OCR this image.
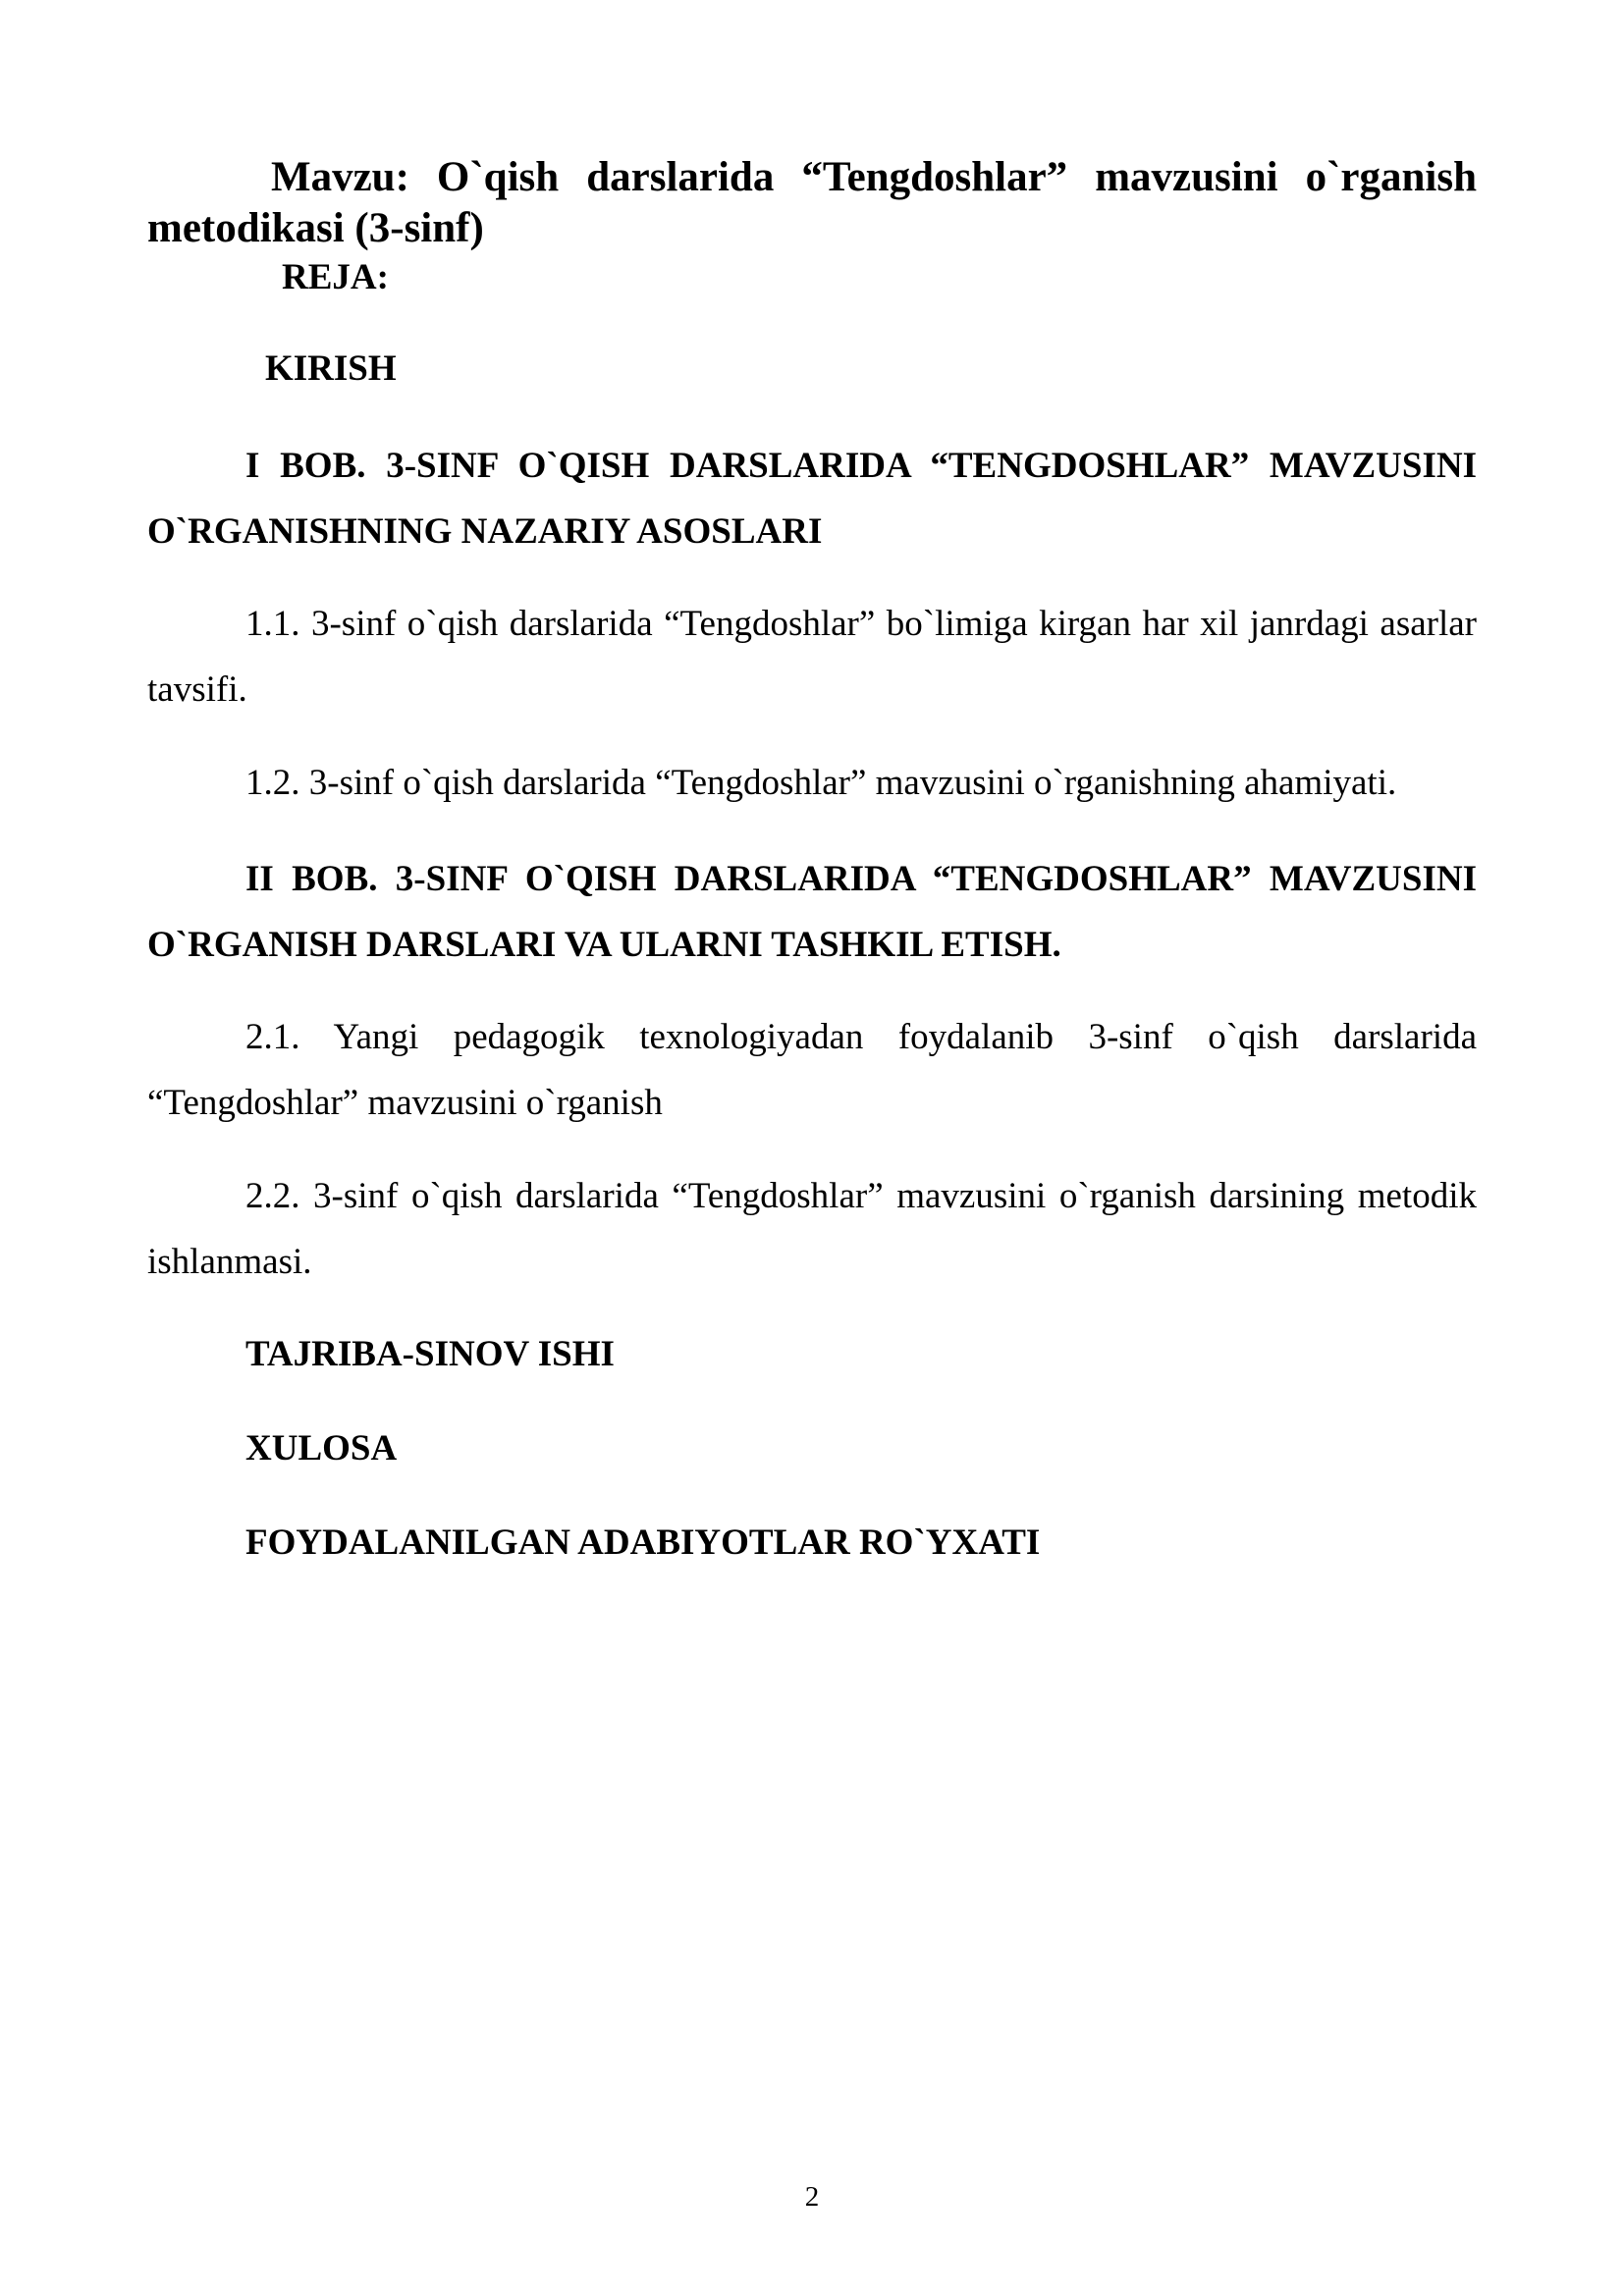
Mavzu: O`qish darslarida “Tengdoshlar” mavzusini o`rganish metodikasi (3-sinf)

REJA:

KIRISH

I BOB. 3-SINF O`QISH DARSLARIDA “TENGDOSHLAR” MAVZUSINI O`RGANISHNING NAZARIY ASOSLARI

1.1. 3-sinf o`qish darslarida “Tengdoshlar” bo`limiga kirgan har xil janrdagi asarlar tavsifi.

1.2. 3-sinf o`qish darslarida “Tengdoshlar” mavzusini o`rganishning ahamiyati.

II BOB. 3-SINF O`QISH DARSLARIDA “TENGDOSHLAR” MAVZUSINI O`RGANISH DARSLARI VA ULARNI TASHKIL ETISH.

2.1. Yangi pedagogik texnologiyadan foydalanib 3-sinf o`qish darslarida “Tengdoshlar” mavzusini o`rganish

2.2. 3-sinf o`qish darslarida “Tengdoshlar” mavzusini o`rganish darsining metodik ishlanmasi.

TAJRIBA-SINOV ISHI

XULOSA

FOYDALANILGAN ADABIYOTLAR RO`YXATI

2
